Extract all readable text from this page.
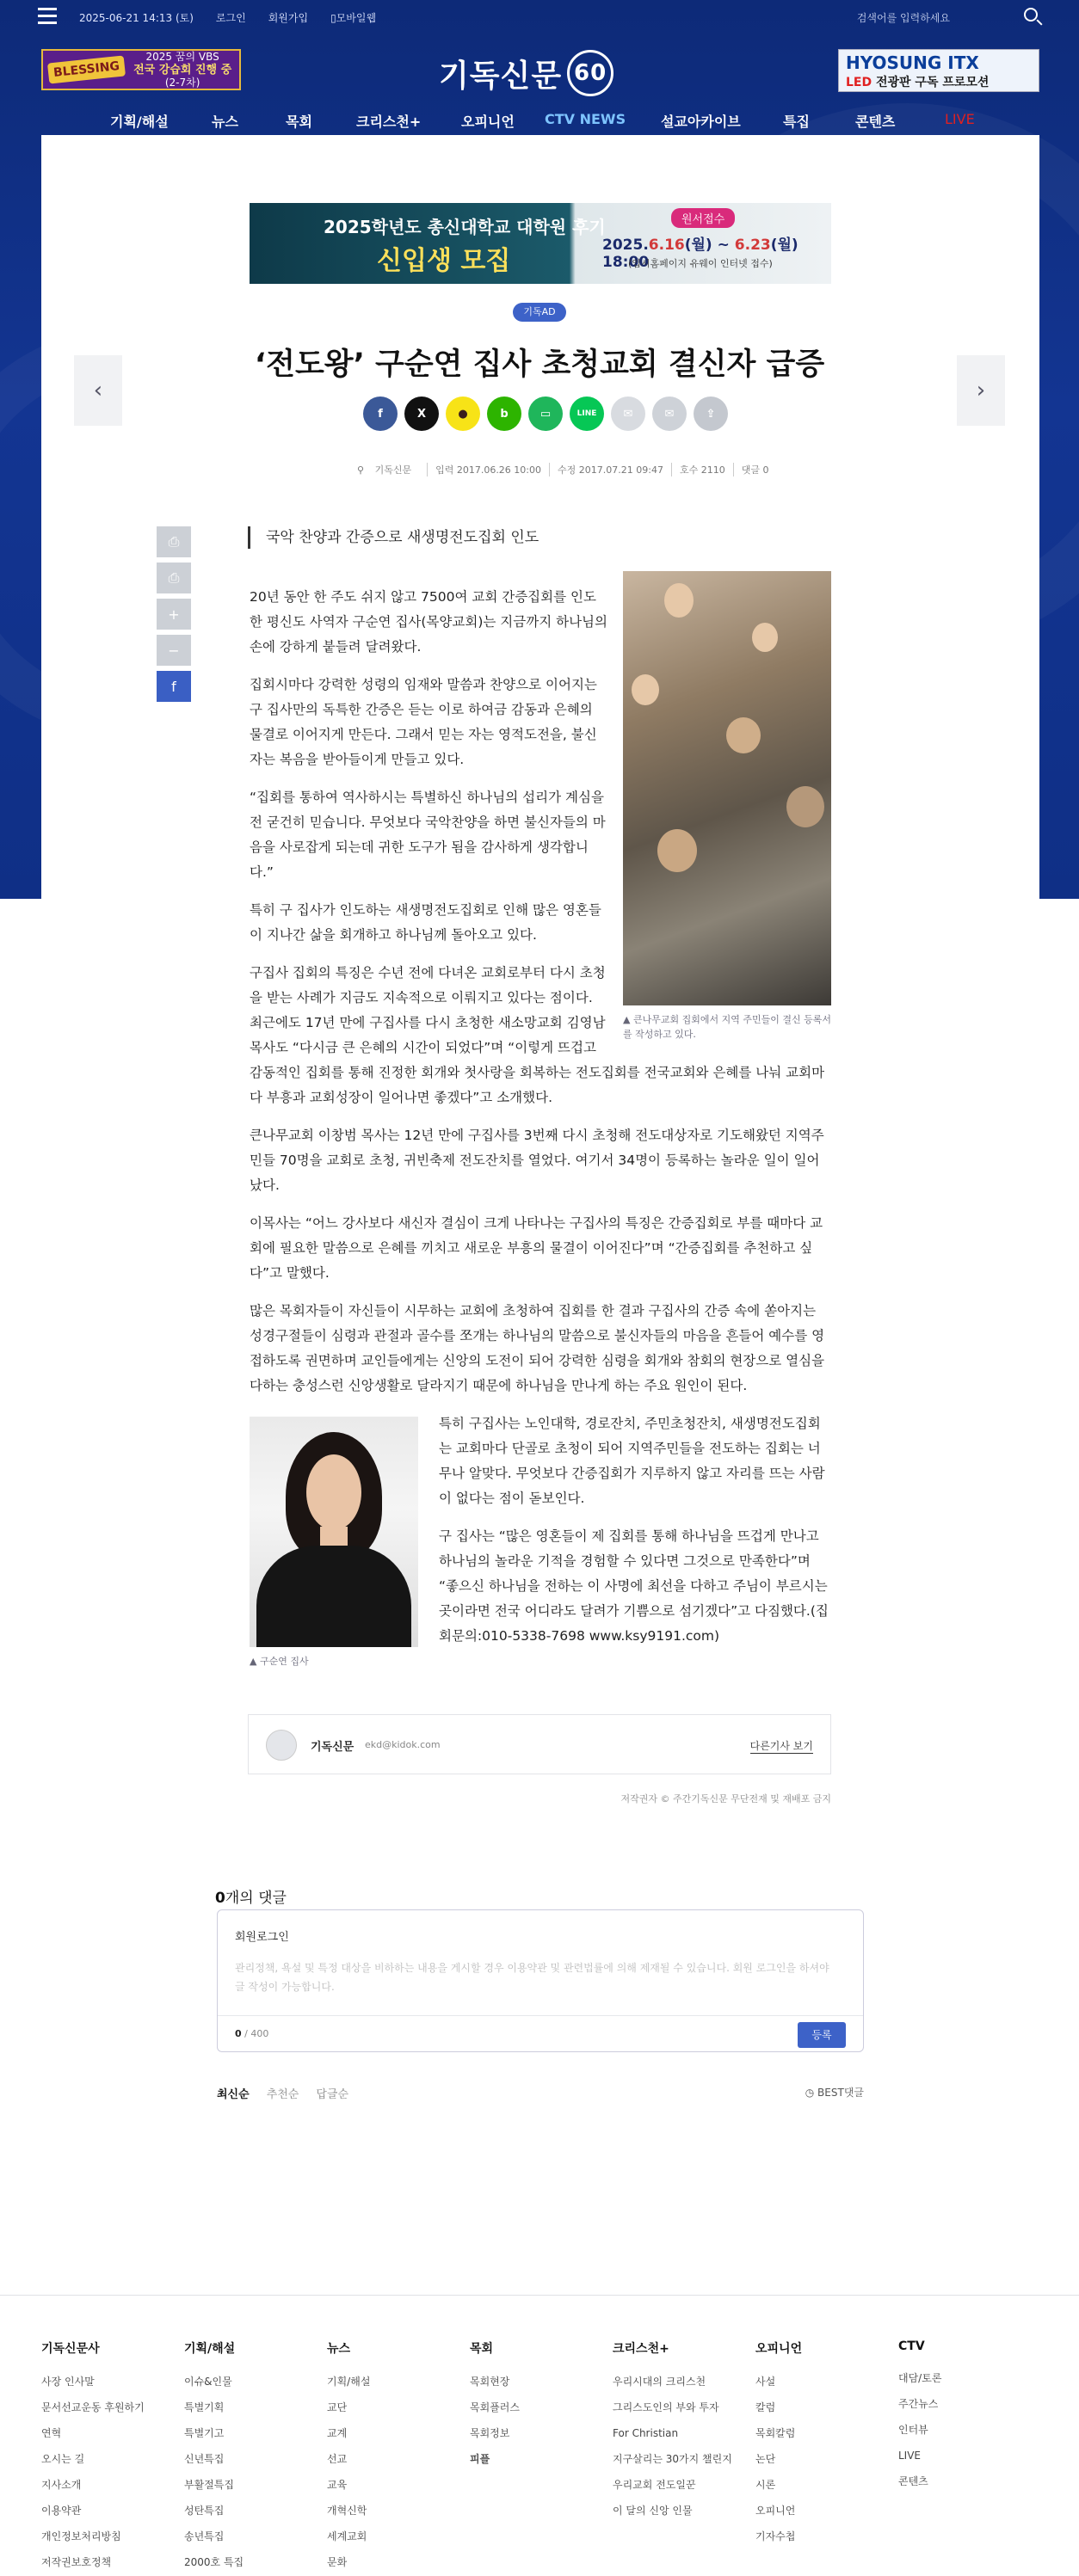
2025-06-21 14:13 (토) 로그인 회원가입 ▯모바일웹	검색어를 입력하세요
BLESSING
2025 꿈의 VBS
전국 강습회 진행 중
(2-7차)	기독신문 60	HYOSUNG ITX
LED 전광판 구독 프로모션
기획/해설	뉴스	목회	크리스천+	오피니언 CTV NEWS	설교아카이브	특집	콘텐츠	LIVE
2025학년도 총신대학교 대학원 후기
신입생 모집
원서접수
2025.6.16(월) ~ 6.23(월) 18:00
(입시홈페이지 유웨이 인터넷 접수)
기독AD
‘전도왕’ 구순연 집사 초청교회 결신자 급증
‹	›
f	X	●	b	▭	LINE	✉	✉	⇪
⚲ 기독신문	입력 2017.06.26 10:00	수정 2017.07.21 09:47	호수 2110	댓글 0
⎙
⎙
+
−
f
국악 찬양과 간증으로 새생명전도집회 인도
▲ 큰나무교회 집회에서 지역 주민들이 결신 등록서를 작성하고 있다.

20년 동안 한 주도 쉬지 않고 7500여 교회 간증집회를 인도한 평신도 사역자 구순연 집사(목양교회)는 지금까지 하나님의 손에 강하게 붙들려 달려왔다.

집회시마다 강력한 성령의 임재와 말씀과 찬양으로 이어지는 구 집사만의 독특한 간증은 듣는 이로 하여금 감동과 은혜의 물결로 이어지게 만든다. 그래서 믿는 자는 영적도전을, 불신자는 복음을 받아들이게 만들고 있다.

“집회를 통하여 역사하시는 특별하신 하나님의 섭리가 계심을 전 굳건히 믿습니다. 무엇보다 국악찬양을 하면 불신자들의 마음을 사로잡게 되는데 귀한 도구가 됨을 감사하게 생각합니다.”

특히 구 집사가 인도하는 새생명전도집회로 인해 많은 영혼들이 지나간 삶을 회개하고 하나님께 돌아오고 있다.

구집사 집회의 특징은 수년 전에 다녀온 교회로부터 다시 초청을 받는 사례가 지금도 지속적으로 이뤄지고 있다는 점이다. 최근에도 17년 만에 구집사를 다시 초청한 새소망교회 김영남 목사도 “다시금 큰 은혜의 시간이 되었다”며 “이렇게 뜨겁고 감동적인 집회를 통해 진정한 회개와 첫사랑을 회복하는 전도집회를 전국교회와 은혜를 나눠 교회마다 부흥과 교회성장이 일어나면 좋겠다”고 소개했다.

큰나무교회 이창범 목사는 12년 만에 구집사를 3번째 다시 초청해 전도대상자로 기도해왔던 지역주민들 70명을 교회로 초청, 귀빈축제 전도잔치를 열었다. 여기서 34명이 등록하는 놀라운 일이 일어났다.

이목사는 “어느 강사보다 새신자 결심이 크게 나타나는 구집사의 특징은 간증집회로 부를 때마다 교회에 필요한 말씀으로 은혜를 끼치고 새로운 부흥의 물결이 이어진다”며 “간증집회를 추천하고 싶다”고 말했다.

많은 목회자들이 자신들이 시무하는 교회에 초청하여 집회를 한 결과 구집사의 간증 속에 쏟아지는 성경구절들이 심령과 관절과 골수를 쪼개는 하나님의 말씀으로 불신자들의 마음을 흔들어 예수를 영접하도록 권면하며 교인들에게는 신앙의 도전이 되어 강력한 심령을 회개와 참회의 현장으로 열심을 다하는 충성스런 신앙생활로 달라지기 때문에 하나님을 만나게 하는 주요 원인이 된다.

▲ 구순연 집사

특히 구집사는 노인대학, 경로잔치, 주민초청잔치, 새생명전도집회는 교회마다 단골로 초청이 되어 지역주민들을 전도하는 집회는 너무나 알맞다. 무엇보다 간증집회가 지루하지 않고 자리를 뜨는 사람이 없다는 점이 돋보인다.

구 집사는 “많은 영혼들이 제 집회를 통해 하나님을 뜨겁게 만나고 하나님의 놀라운 기적을 경험할 수 있다면 그것으로 만족한다”며 “좋으신 하나님을 전하는 이 사명에 최선을 다하고 주님이 부르시는 곳이라면 전국 어디라도 달려가 기쁨으로 섬기겠다”고 다짐했다.(집회문의:010-5338-7698 www.ksy9191.com)

기독신문 ekd@kidok.com	다른기사 보기
저작권자 © 주간기독신문 무단전재 및 재배포 금지
0개의 댓글
회원로그인
관리정책, 욕설 및 특정 대상을 비하하는 내용을 게시할 경우 이용약관 및 관련법률에 의해 제재될 수 있습니다. 회원 로그인을 하셔야 글 작성이 가능합니다.
0 / 400	등록
최신순 추천순 답글순	◷ BEST댓글
기독신문사
사장 인사말
문서선교운동 후원하기
연혁
오시는 길
지사소개
이용약관
개인정보처리방침
저작권보호정책
기획/해설
이슈&인물
특별기획
특별기고
신년특집
부활절특집
성탄특집
송년특집
2000호 특집
뉴스
기획/해설
교단
교계
선교
교육
개혁신학
세계교회
문화
목회
목회현장
목회플러스
목회정보
피플
크리스천+
우리시대의 크리스천
그리스도인의 부와 투자
For Christian
지구살리는 30가지 챌린지
우리교회 전도일꾼
이 달의 신앙 인물
오피니언
사설
칼럼
목회칼럼
논단
시론
오피니언
기자수첩
CTV
대담/토론
주간뉴스
인터뷰
LIVE
콘텐츠
